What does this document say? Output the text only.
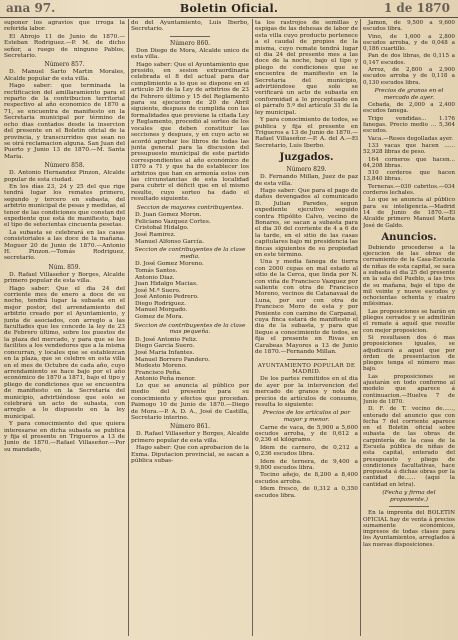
ana 97.	Boletin Oficial.	1 de 1870

suponer los agravios que irroga la referida labor.

El Abrojo 11 de Junio de 1870.—Esteban Rodriguez.—P. M. de dicho señor, a ruego de ninguno Pablos, Secretario.

Número 857.

D. Manuel Sarto Martin Morales, Alcalde popular de esta villa.

Hago saber: que terminada la rectificacion del amillaramiento para el reparto de la contribucion territorial respectivo al año economico de 1870 a 71, se encuentra de manifiesto en la Secretaria municipal por término de ocho dias contados desde la insercion del presente en el Boletin oficial de la provincia, y transcurridos que sean no se oirá reclamacion alguna. San Juan del Puerto y Junio 13 de 1870.—M. Santa Maria.

Número 858.

D. Antonio Hernandez Pinzon, Alcalde popular de esta ciudad.

En los días 23, 24 y 25 del que rige tendrá lugar los remates primero, segundo y tercero en subasta, del arbitrio municipal de pesas y medidas, al tenor de las condiciones que constan del expediente que está de manifiesto, bajo el tipo de setecientas cincuenta pesetas.

La subasta se celebrará en las casas consistoriales a las doce de la mañana. Moguer 20 de Junio de 1870.—Antonio H. Pinzon.—Tomás Rodriguez, secretario.

Núm. 859.

D. Rafael Villaseñor y Borges, Alcalde primero popular de esta villa.

Hago saber: Que el dia 24 del corriente mes de enero a doce de su noche, tendrá lugar la subasta en el mejor postor, del arrendamiento del arbitrio creado por el Ayuntamiento, y junta de asociados, con arreglo a las facultades que les concede la ley de 23 de Febrero último, sobre los puestos de la plaza del mercado, y para que se les facilites a los vendedores que a la misma concurran, y locales que se establezcan en la plaza, que se celebre en esta villa en el mes de Octubre de cada año, cuyo arrendamiento se hace bajo por el año económico de 1870 a 1871, bajo el tipo y pliego de condiciones que se encuentra de manifiesto en la Secretaria del municipio, advirtiéndose que solo se celebrará un acto de subasta, con arreglo a lo dispuesto en la ley municipal.

Y para conocimiento del que quiera interesarse en dicha subasta se publica y fija el presente en Trigueros a 13 de Junio de 1870.—Rafael Villaseñor.—Por su mandado,

do del Ayuntamiento, Luis Iberbo, Secretario.

Número 860.

Don Diego de Mora, Alcalde unico de esta villa.

Hago saber: Que el Ayuntamiento que presido, en sesion extraordinaria celebrada el 8 del actual para dar cumplimiento a lo que se dispone en el articulo 29 de la Ley de arbitrios de 23 de Febrero último y 15 del Reglamento para su ejecucion de 20 de Abril siguiente, despues de cumplida con las formalidades que previene la citada Ley y Reglamento, procedió al sorteo de los vocales que deben constituir las secciones y despues, y en cuyo acto se acordó aprobar los libros de todas las junta general para la discusion del presupuesto municipal de este partido correspondientes al año económico de 1870 a 71 y que ha de establecer los arbitrios que han en armonía estos con las circunstancias de esta localidad para cubrir el déficit que en el mismo resulte, cuyo sorteo ha dado el resultado siguiente.

Seccion de mayores contribuyentes.
D. Juan Gomez Moron.
Feliciano Vazquez Cortes.
Cristobal Hidalgo.
José Ramirez.
Manuel Alfonso García.
Seccion de contribuyentes de la clase media.
D. José Gomez Moreno.
Tomás Santos.
Antonio Diaz.
Juan Hidalgo Macias.
José M.ª Suero.
José Antonio Pedrero.
Diego Rodriguez.
Manuel Morgado.
Gomez de Mora.
Seccion de contribuyentes de la clase mas pequeña.
D. José Antonio Feliz.
Diego Garcia Suero.
José Maria Infantes.
Manuel Borrero Pandero.
Modesto Moreno.
Francisco Peña.
Antonio Peña menor.

Lo que se anuncia al público por medio del presente para su conocimiento y efectos que procedan. Paimogo 10 de Junio de 1870.—Diego de Mora.—P. A. D. A., José de Castilla, Secretario interino.

Número 861.

D. Rafael Villaseñor y Borges, Alcalde primero popular de esta villa.

Hago saber: Que con aprobacion de la Exma. Diputacion provincial, se sacan a pública subas-

ta los rastrojos de semillas y espigas de las dehesas de labor de esta villa cuyo producto pertenece a el caudal de propios de la misma, cuyo remate tendrá lugar el dia 24 del presente mes a las doce de la noche, bajo el tipo y pliego de condiciones que se encuentra de manifiesto en la Secretaria del municipio, advirtiéndose que solo se verificará un acto de subasta en conformidad a lo preceptuado en el párrafo 5.º del artículo 31 de la ley municipal.

Y para conocimiento de todos, se publica y fija el presente en Trigueros a 13 de Junio de 1870.—Rafael Villaseñor.—P. A. del A.—El Secretario, Luis Iberbo.

Juzgados.
Número 829.

D. Fernando Millan, Juez de paz de esta villa.

Hago saber: Que para el pago de daños devengados al comunicado D. Julian Paredes, segun expediente ejecutivo seguido contra Hipólito Calvo, vecino de Bonares, se sacan a subasta para el dia 30 del corriente de 4 a 6 de la tarde, en el sitio de las casas capitulares bajo mi presidencia las fincas siguientes de su propiedad en este término.

Una y media fanega de tierra con 2000 cepas en mal estado al sitio de la Cerca, que linda por N. con viña de Francisco Vazquez por saliente con otra de Francisco Moreno, vecinos de Catanavaal de Luna, por sur con otra de Francisco Moro de esta y por Poniente con camino de Carpanal, cuya finca estará de manifiesto el dia de la subasta, y para que llegue a conocimiento de todos, se fija el presente en Rivas en Carabeas Mayores a 13 de Junio de 1870.—Fernando Millan.

AYUNTAMIENTO POPULAR DE MADRID.

De los partes remitidos en el dia de ayer por la intervencion del mercado de granos y nota de precios de artículos de consumo, resulta lo siguiente:

Precios de los artículos al por mayor y menor.

Carne de vaca, de 5,900 a 5,600 escudos arroba, y de 0,612 a 0,236 el kilógramo.

Idem de carnero, de 0,212 a 0,236 escudos libra.

Idem de ternera, de 9,400 a 9,800 escudos libra.

Tocino añejo, de 8,200 a 8,400 escudos arroba.

Idem fresco, de 0,312 a 0,350 escudos libra.

Jamon, de 9,500 a 9,600 escudos libra.

Vino, de 1,600 a 2,800 escudos arroba, y de 0,048 a 0,186 cuartillo.

Pan de dos libras, de 0,115 a 0,147 escudos.

Arroz, de 2,800 a 2,900 escudos arroba y de 0,118 a 0,130 escudos libra.

Precios de granos en el mercado de ayer.

Cebada, de 2,000 a 2,400 escudos fanega.

Trigo vendidas... 1.176 fanegas. Precio medio ... 5,364 escudos.

Vaca.—Reses degolladas ayer.

133 vacas que hacen ...... 52,928 libras de peso.

164 corneros que hacen... 64,208 libras.

510 corderos que hacen 13,840 libras.

Terneras.—030 cabritos.—034 corderos lechales.

Lo que se anuncia al público para su inteligencia.—Madrid 14 de Junio de 1870.—El Alcalde primero Manuel Maria José de Galdo.

Anuncios.

Debiendo procederse a la ejecucion de las obras de cerramiento de la Casa-Escuela de niñas de esta capital, se saca a subasta el dia 25 del presente en la sala del Pueblo, a las tres de su mañana, bajo el tipo de mil veinte y nueve escudos y ochocientas ochenta y cuatro milésimas.

Las proposiciones se harán en pliegos cerrados y se admitirán el remate á aquél que resulte con mejor proposicion.

Si resultasen dos ó mas proposiciones iguales, se adjudicará a aquel que por órden de presentacion de pliegos tenga el número mas bajo.

Las proposiciones se ajustarán en todo conforme al modelo que aparece á continuacion.—Huelva 7 de Junio de 1870.

D. F. de T. vecino de......, enterado del anuncio que con fecha 7 del corriente aparece en el Boletin oficial sobre subasta de las obras de carpintería de la casa de la Escuela pública de niñas de esta capital, enterado del presupuesto y pliego de condiciones facultativas, hace propuesta á dichas obras por la cantidad de...... (aquí la cantidad en letra).

(Fecha y firma del proponente.)

En la imprenta del BOLETIN OFICIAL hay de venta á precios sumamente económicos, impresos de todas clases para los Ayuntamientos, arreglados á las nuevas disposiciones.
